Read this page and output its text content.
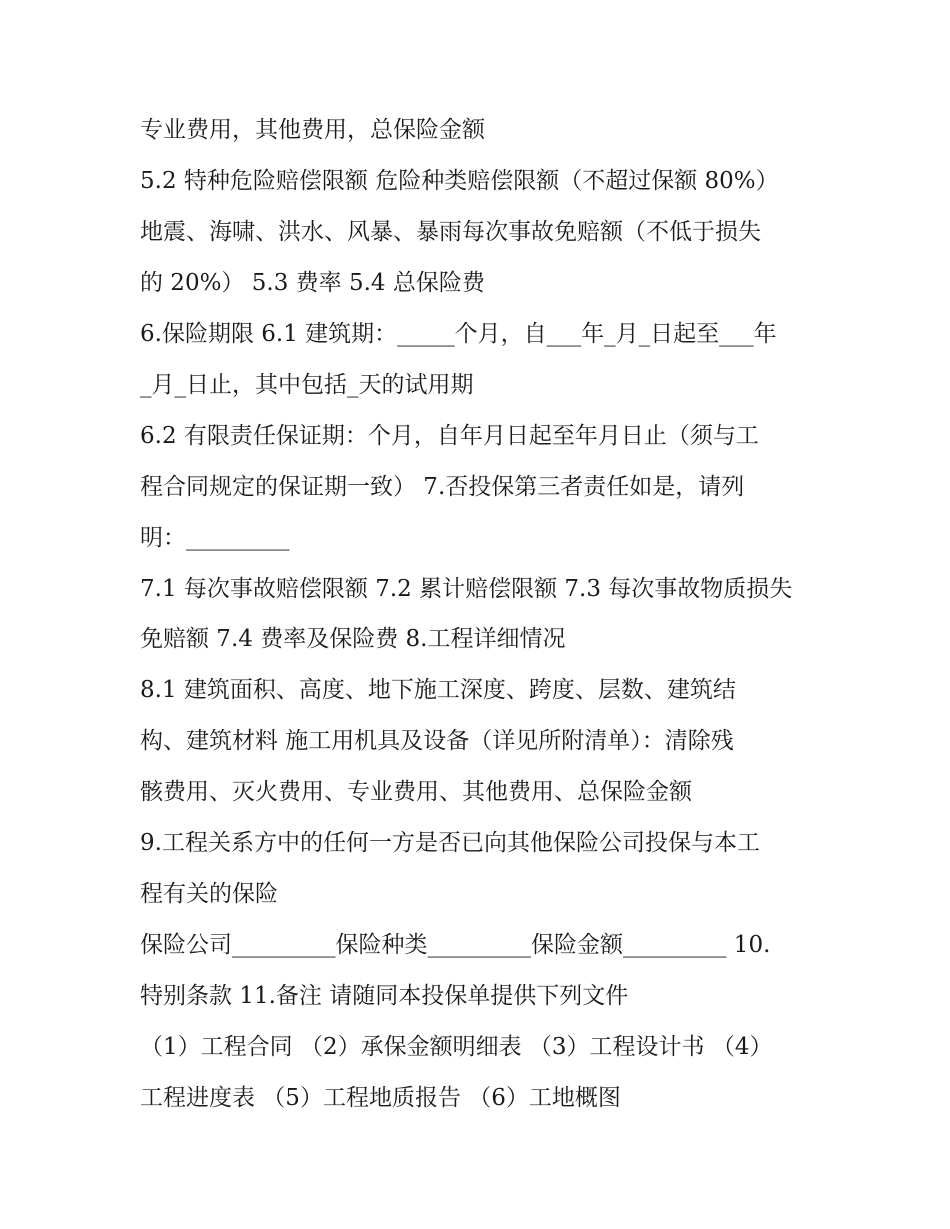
专业费用，其他费用，总保险金额
5.2 特种危险赔偿限额 危险种类赔偿限额（不超过保额 80%）
地震、海啸、洪水、风暴、暴雨每次事故免赔额（不低于损失
的 20%） 5.3 费率 5.4 总保险费
6.保险期限 6.1 建筑期：_____个月，自___年_月_日起至___年
_月_日止，其中包括_天的试用期
6.2 有限责任保证期：个月，自年月日起至年月日止（须与工
程合同规定的保证期一致） 7.否投保第三者责任如是，请列
明：_________
7.1 每次事故赔偿限额 7.2 累计赔偿限额 7.3 每次事故物质损失
免赔额 7.4 费率及保险费 8.工程详细情况
8.1 建筑面积、高度、地下施工深度、跨度、层数、建筑结
构、建筑材料 施工用机具及设备（详见所附清单）：清除残
骸费用、灭火费用、专业费用、其他费用、总保险金额
9.工程关系方中的任何一方是否已向其他保险公司投保与本工
程有关的保险
保险公司_________保险种类_________保险金额_________ 10.
特别条款 11.备注 请随同本投保单提供下列文件
（1）工程合同 （2）承保金额明细表 （3）工程设计书 （4）
工程进度表 （5）工程地质报告 （6）工地概图
